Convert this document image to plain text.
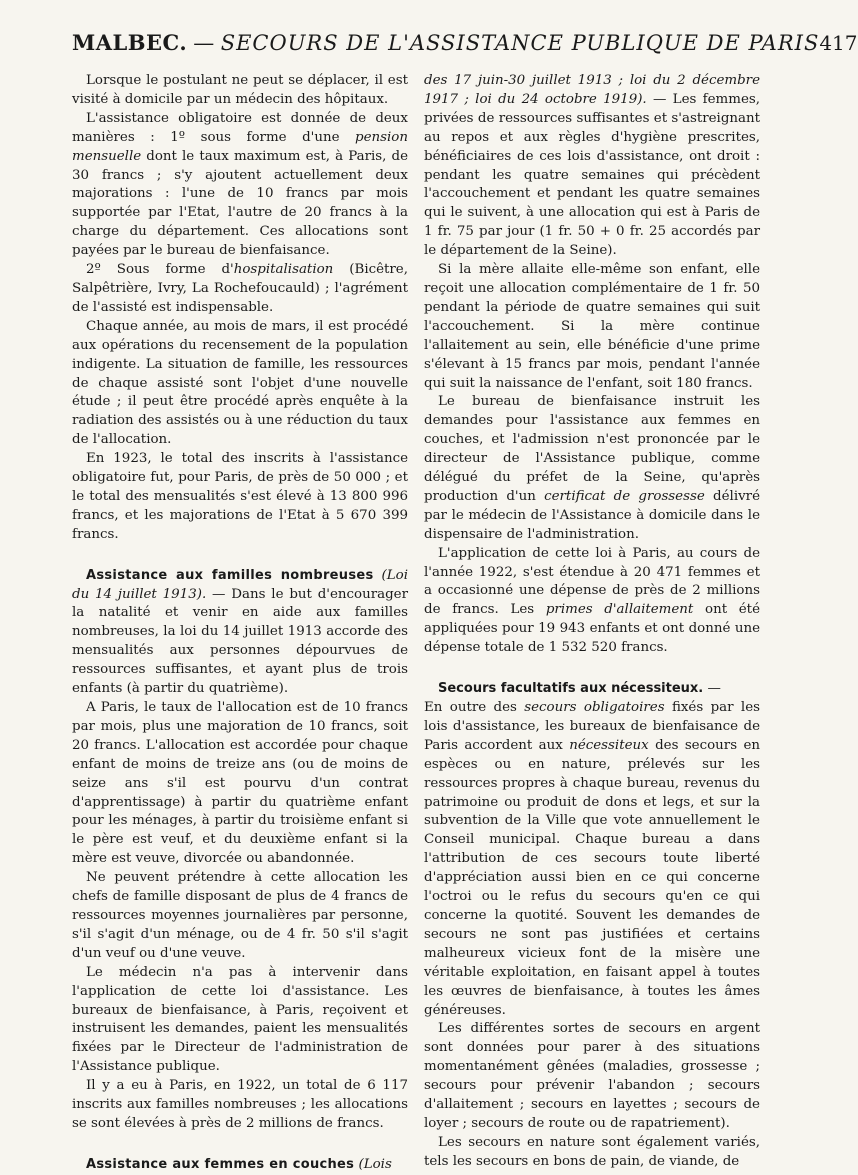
MALBEC. — SECOURS DE L'ASSISTANCE PUBLIQUE DE PARIS 417

Lorsque le postulant ne peut se déplacer, il est visité à domicile par un médecin des hôpitaux.

L'assistance obligatoire est donnée de deux manières : 1º sous forme d'une pension mensuelle dont le taux maximum est, à Paris, de 30 francs ; s'y ajoutent actuellement deux majorations : l'une de 10 francs par mois supportée par l'Etat, l'autre de 20 francs à la charge du département. Ces allocations sont payées par le bureau de bienfaisance.

2º Sous forme d'hospitalisation (Bicêtre, Salpêtrière, Ivry, La Rochefoucauld) ; l'agrément de l'assisté est indispensable.

Chaque année, au mois de mars, il est procédé aux opérations du recensement de la population indigente. La situation de famille, les ressources de chaque assisté sont l'objet d'une nouvelle étude ; il peut être procédé après enquête à la radiation des assistés ou à une réduction du taux de l'allocation.

En 1923, le total des inscrits à l'assistance obligatoire fut, pour Paris, de près de 50 000 ; et le total des mensualités s'est élevé à 13 800 996 francs, et les majorations de l'Etat à 5 670 399 francs.

Assistance aux familles nombreuses (Loi du 14 juillet 1913). — Dans le but d'encourager la natalité et venir en aide aux familles nombreuses, la loi du 14 juillet 1913 accorde des mensualités aux personnes dépourvues de ressources suffisantes, et ayant plus de trois enfants (à partir du quatrième).

A Paris, le taux de l'allocation est de 10 francs par mois, plus une majoration de 10 francs, soit 20 francs. L'allocation est accordée pour chaque enfant de moins de treize ans (ou de moins de seize ans s'il est pourvu d'un contrat d'apprentissage) à partir du quatrième enfant pour les ménages, à partir du troisième enfant si le père est veuf, et du deuxième enfant si la mère est veuve, divorcée ou abandonnée.

Ne peuvent prétendre à cette allocation les chefs de famille disposant de plus de 4 francs de ressources moyennes journalières par personne, s'il s'agit d'un ménage, ou de 4 fr. 50 s'il s'agit d'un veuf ou d'une veuve.

Le médecin n'a pas à intervenir dans l'application de cette loi d'assistance. Les bureaux de bienfaisance, à Paris, reçoivent et instruisent les demandes, paient les mensualités fixées par le Directeur de l'administration de l'Assistance publique.

Il y a eu à Paris, en 1922, un total de 6 117 inscrits aux familles nombreuses ; les allocations se sont élevées à près de 2 millions de francs.

Assistance aux femmes en couches (Lois

des 17 juin-30 juillet 1913 ; loi du 2 décembre 1917 ; loi du 24 octobre 1919). — Les femmes, privées de ressources suffisantes et s'astreignant au repos et aux règles d'hygiène prescrites, bénéficiaires de ces lois d'assistance, ont droit : pendant les quatre semaines qui précèdent l'accouchement et pendant les quatre semaines qui le suivent, à une allocation qui est à Paris de 1 fr. 75 par jour (1 fr. 50 + 0 fr. 25 accordés par le département de la Seine).

Si la mère allaite elle-même son enfant, elle reçoit une allocation complémentaire de 1 fr. 50 pendant la période de quatre semaines qui suit l'accouchement. Si la mère continue l'allaitement au sein, elle bénéficie d'une prime s'élevant à 15 francs par mois, pendant l'année qui suit la naissance de l'enfant, soit 180 francs.

Le bureau de bienfaisance instruit les demandes pour l'assistance aux femmes en couches, et l'admission n'est prononcée par le directeur de l'Assistance publique, comme délégué du préfet de la Seine, qu'après production d'un certificat de grossesse délivré par le médecin de l'Assistance à domicile dans le dispensaire de l'administration.

L'application de cette loi à Paris, au cours de l'année 1922, s'est étendue à 20 471 femmes et a occasionné une dépense de près de 2 millions de francs. Les primes d'allaitement ont été appliquées pour 19 943 enfants et ont donné une dépense totale de 1 532 520 francs.

Secours facultatifs aux nécessiteux. —

En outre des secours obligatoires fixés par les lois d'assistance, les bureaux de bienfaisance de Paris accordent aux nécessiteux des secours en espèces ou en nature, prélevés sur les ressources propres à chaque bureau, revenus du patrimoine ou produit de dons et legs, et sur la subvention de la Ville que vote annuellement le Conseil municipal. Chaque bureau a dans l'attribution de ces secours toute liberté d'appréciation aussi bien en ce qui concerne l'octroi ou le refus du secours qu'en ce qui concerne la quotité. Souvent les demandes de secours ne sont pas justifiées et certains malheureux vicieux font de la misère une véritable exploitation, en faisant appel à toutes les œuvres de bienfaisance, à toutes les âmes généreuses.

Les différentes sortes de secours en argent sont données pour parer à des situations momentanément gênées (maladies, grossesse ; secours pour prévenir l'abandon ; secours d'allaitement ; secours en layettes ; secours de loyer ; secours de route ou de rapatriement).

Les secours en nature sont également variés, tels les secours en bons de pain, de viande, de
